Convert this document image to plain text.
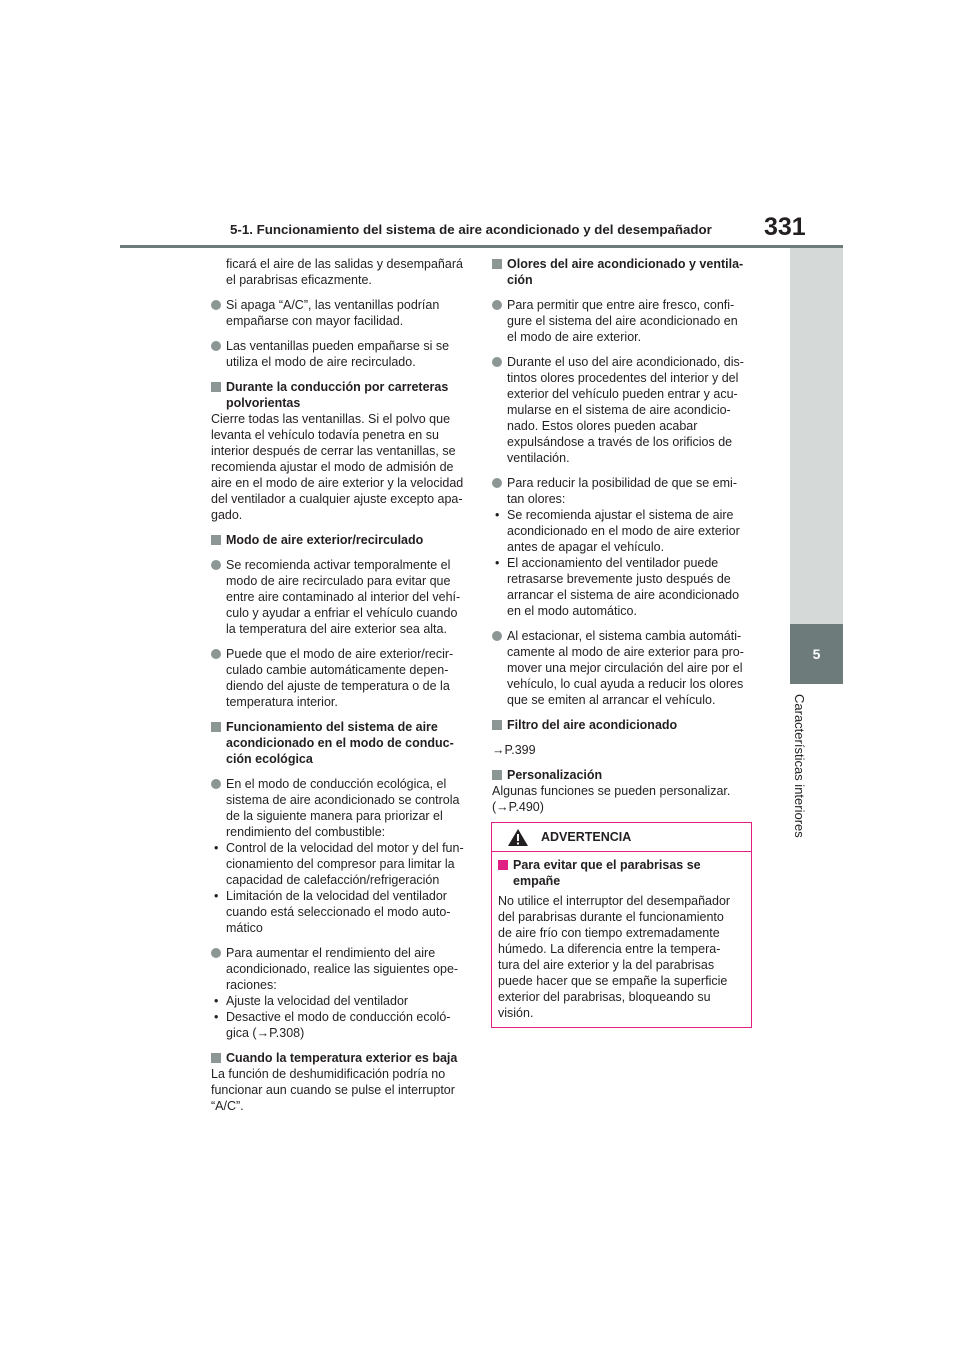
5-1. Funcionamiento del sistema de aire acondicionado y del desempañador 331
5
Características interiores

ficará el aire de las salidas y desempañará
el parabrisas eficazmente.

Si apaga “A/C”, las ventanillas podrían
empañarse con mayor facilidad.

Las ventanillas pueden empañarse si se
utiliza el modo de aire recirculado.

Durante la conducción por carreteras
polvorientas

Cierre todas las ventanillas. Si el polvo que
levanta el vehículo todavía penetra en su
interior después de cerrar las ventanillas, se
recomienda ajustar el modo de admisión de
aire en el modo de aire exterior y la velocidad
del ventilador a cualquier ajuste excepto apa-
gado.

Modo de aire exterior/recirculado

Se recomienda activar temporalmente el
modo de aire recirculado para evitar que
entre aire contaminado al interior del vehí-
culo y ayudar a enfriar el vehículo cuando
la temperatura del aire exterior sea alta.

Puede que el modo de aire exterior/recir-
culado cambie automáticamente depen-
diendo del ajuste de temperatura o de la
temperatura interior.

Funcionamiento del sistema de aire
acondicionado en el modo de conduc-
ción ecológica

En el modo de conducción ecológica, el
sistema de aire acondicionado se controla
de la siguiente manera para priorizar el
rendimiento del combustible:

• Control de la velocidad del motor y del fun-
cionamiento del compresor para limitar la
capacidad de calefacción/refrigeración

• Limitación de la velocidad del ventilador
cuando está seleccionado el modo auto-
mático

Para aumentar el rendimiento del aire
acondicionado, realice las siguientes ope-
raciones:

• Ajuste la velocidad del ventilador

• Desactive el modo de conducción ecoló-
gica (→P.308)

Cuando la temperatura exterior es baja

La función de deshumidificación podría no
funcionar aun cuando se pulse el interruptor
“A/C”.

Olores del aire acondicionado y ventila-
ción

Para permitir que entre aire fresco, confi-
gure el sistema del aire acondicionado en
el modo de aire exterior.

Durante el uso del aire acondicionado, dis-
tintos olores procedentes del interior y del
exterior del vehículo pueden entrar y acu-
mularse en el sistema de aire acondicio-
nado. Estos olores pueden acabar
expulsándose a través de los orificios de
ventilación.

Para reducir la posibilidad de que se emi-
tan olores:

• Se recomienda ajustar el sistema de aire
acondicionado en el modo de aire exterior
antes de apagar el vehículo.

• El accionamiento del ventilador puede
retrasarse brevemente justo después de
arrancar el sistema de aire acondicionado
en el modo automático.

Al estacionar, el sistema cambia automáti-
camente al modo de aire exterior para pro-
mover una mejor circulación del aire por el
vehículo, lo cual ayuda a reducir los olores
que se emiten al arrancar el vehículo.

Filtro del aire acondicionado

→P.399

Personalización

Algunas funciones se pueden personalizar.
(→P.490)

ADVERTENCIA

Para evitar que el parabrisas se
empañe

No utilice el interruptor del desempañador
del parabrisas durante el funcionamiento
de aire frío con tiempo extremadamente
húmedo. La diferencia entre la tempera-
tura del aire exterior y la del parabrisas
puede hacer que se empañe la superficie
exterior del parabrisas, bloqueando su
visión.
